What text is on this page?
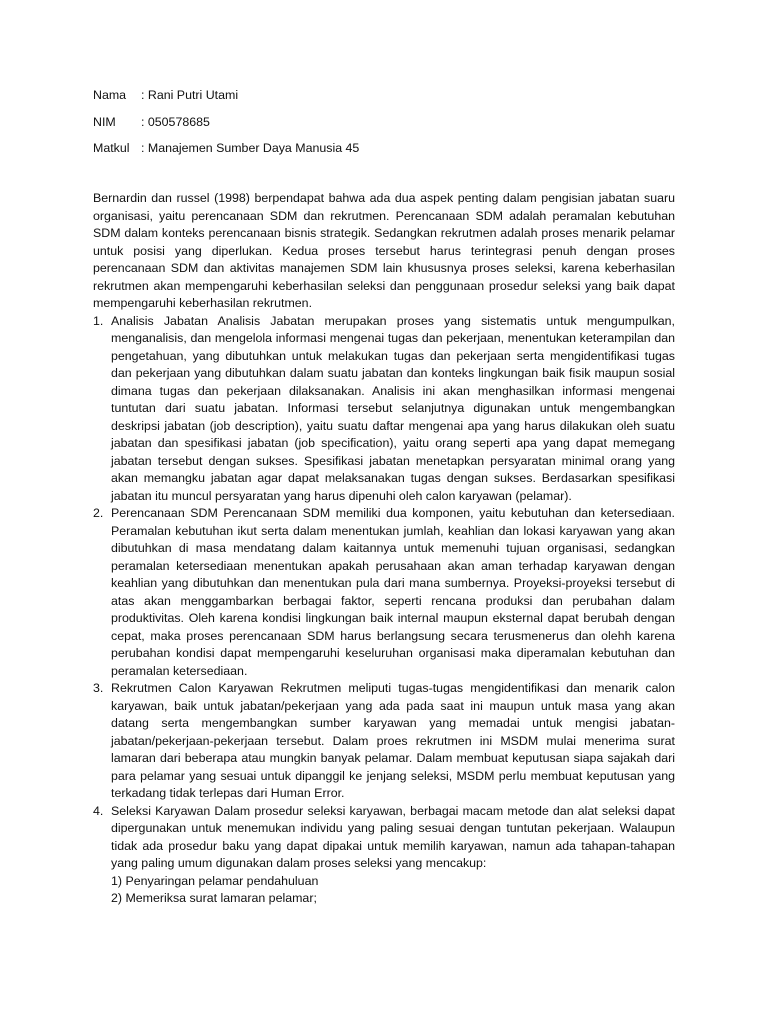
Nama	: Rani Putri Utami
NIM	: 050578685
Matkul : Manajemen Sumber Daya Manusia 45

Bernardin dan russel (1998) berpendapat bahwa ada dua aspek penting dalam pengisian jabatan suaru organisasi, yaitu perencanaan SDM dan rekrutmen. Perencanaan SDM adalah peramalan kebutuhan SDM dalam konteks perencanaan bisnis strategik. Sedangkan rekrutmen adalah proses menarik pelamar untuk posisi yang diperlukan. Kedua proses tersebut harus terintegrasi penuh dengan proses perencanaan SDM dan aktivitas manajemen SDM lain khususnya proses seleksi, karena keberhasilan rekrutmen akan mempengaruhi keberhasilan seleksi dan penggunaan prosedur seleksi yang baik dapat mempengaruhi keberhasilan rekrutmen.

1. Analisis Jabatan Analisis Jabatan merupakan proses yang sistematis untuk mengumpulkan, menganalisis, dan mengelola informasi mengenai tugas dan pekerjaan, menentukan keterampilan dan pengetahuan, yang dibutuhkan untuk melakukan tugas dan pekerjaan serta mengidentifikasi tugas dan pekerjaan yang dibutuhkan dalam suatu jabatan dan konteks lingkungan baik fisik maupun sosial dimana tugas dan pekerjaan dilaksanakan. Analisis ini akan menghasilkan informasi mengenai tuntutan dari suatu jabatan. Informasi tersebut selanjutnya digunakan untuk mengembangkan deskripsi jabatan (job description), yaitu suatu daftar mengenai apa yang harus dilakukan oleh suatu jabatan dan spesifikasi jabatan (job specification), yaitu orang seperti apa yang dapat memegang jabatan tersebut dengan sukses. Spesifikasi jabatan menetapkan persyaratan minimal orang yang akan memangku jabatan agar dapat melaksanakan tugas dengan sukses. Berdasarkan spesifikasi jabatan itu muncul persyaratan yang harus dipenuhi oleh calon karyawan (pelamar).
2. Perencanaan SDM Perencanaan SDM memiliki dua komponen, yaitu kebutuhan dan ketersediaan. Peramalan kebutuhan ikut serta dalam menentukan jumlah, keahlian dan lokasi karyawan yang akan dibutuhkan di masa mendatang dalam kaitannya untuk memenuhi tujuan organisasi, sedangkan peramalan ketersediaan menentukan apakah perusahaan akan aman terhadap karyawan dengan keahlian yang dibutuhkan dan menentukan pula dari mana sumbernya. Proyeksi-proyeksi tersebut di atas akan menggambarkan berbagai faktor, seperti rencana produksi dan perubahan dalam produktivitas. Oleh karena kondisi lingkungan baik internal maupun eksternal dapat berubah dengan cepat, maka proses perencanaan SDM harus berlangsung secara terusmenerus dan olehh karena perubahan kondisi dapat mempengaruhi keseluruhan organisasi maka diperamalan kebutuhan dan peramalan ketersediaan.
3. Rekrutmen Calon Karyawan Rekrutmen meliputi tugas-tugas mengidentifikasi dan menarik calon karyawan, baik untuk jabatan/pekerjaan yang ada pada saat ini maupun untuk masa yang akan datang serta mengembangkan sumber karyawan yang memadai untuk mengisi jabatan-jabatan/pekerjaan-pekerjaan tersebut. Dalam proes rekrutmen ini MSDM mulai menerima surat lamaran dari beberapa atau mungkin banyak pelamar. Dalam membuat keputusan siapa sajakah dari para pelamar yang sesuai untuk dipanggil ke jenjang seleksi, MSDM perlu membuat keputusan yang terkadang tidak terlepas dari Human Error.
4. Seleksi Karyawan Dalam prosedur seleksi karyawan, berbagai macam metode dan alat seleksi dapat dipergunakan untuk menemukan individu yang paling sesuai dengan tuntutan pekerjaan. Walaupun tidak ada prosedur baku yang dapat dipakai untuk memilih karyawan, namun ada tahapan-tahapan yang paling umum digunakan dalam proses seleksi yang mencakup:
1) Penyaringan pelamar pendahuluan
2) Memeriksa surat lamaran pelamar;
